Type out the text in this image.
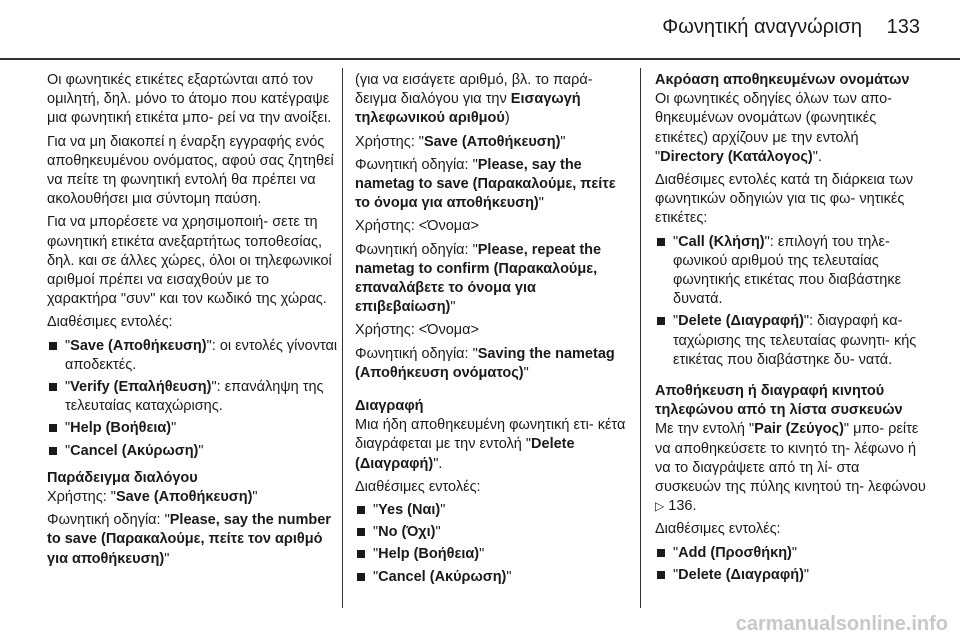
Φωνητική αναγνώριση 133

Οι φωνητικές ετικέτες εξαρτώνται από τον ομιλητή, δηλ. μόνο το άτομο που κατέγραψε μια φωνητική ετικέτα μπο- ρεί να την ανοίξει.

Για να μη διακοπεί η έναρξη εγγραφής ενός αποθηκευμένου ονόματος, αφού σας ζητηθεί να πείτε τη φωνητική εντολή θα πρέπει να ακολουθήσει μια σύντομη παύση.

Για να μπορέσετε να χρησιμοποιή- σετε τη φωνητική ετικέτα ανεξαρτήτως τοποθεσίας, δηλ. και σε άλλες χώρες, όλοι οι τηλεφωνικοί αριθμοί πρέπει να εισαχθούν με το χαρακτήρα "συν" και τον κωδικό της χώρας.

Διαθέσιμες εντολές:

"Save (Αποθήκευση)": οι εντολές γίνονται αποδεκτές.
"Verify (Επαλήθευση)": επανάληψη της τελευταίας καταχώρισης.
"Help (Βοήθεια)"
"Cancel (Ακύρωση)"
Παράδειγμα διαλόγου

Χρήστης: "Save (Αποθήκευση)"

Φωνητική οδηγία: "Please, say the number to save (Παρακαλούμε, πείτε τον αριθμό για αποθήκευση)"

(για να εισάγετε αριθμό, βλ. το παρά- δειγμα διαλόγου για την Εισαγωγή τηλεφωνικού αριθμού)

Χρήστης: "Save (Αποθήκευση)"

Φωνητική οδηγία: "Please, say the nametag to save (Παρακαλούμε, πείτε το όνομα για αποθήκευση)"

Χρήστης: <Όνομα>

Φωνητική οδηγία: "Please, repeat the nametag to confirm (Παρακαλούμε, επαναλάβετε το όνομα για επιβεβαίωση)"

Χρήστης: <Όνομα>

Φωνητική οδηγία: "Saving the nametag (Αποθήκευση ονόματος)"

Διαγραφή

Μια ήδη αποθηκευμένη φωνητική ετι- κέτα διαγράφεται με την εντολή "Delete (Διαγραφή)".

Διαθέσιμες εντολές:

"Yes (Ναι)"
"No (Όχι)"
"Help (Βοήθεια)"
"Cancel (Ακύρωση)"
Ακρόαση αποθηκευμένων ονομάτων

Οι φωνητικές οδηγίες όλων των απο- θηκευμένων ονομάτων (φωνητικές ετικέτες) αρχίζουν με την εντολή "Directory (Κατάλογος)".

Διαθέσιμες εντολές κατά τη διάρκεια των φωνητικών οδηγιών για τις φω- νητικές ετικέτες:

"Call (Κλήση)": επιλογή του τηλε- φωνικού αριθμού της τελευταίας φωνητικής ετικέτας που διαβάστηκε δυνατά.
"Delete (Διαγραφή)": διαγραφή κα- ταχώρισης της τελευταίας φωνητι- κής ετικέτας που διαβάστηκε δυ- νατά.
Αποθήκευση ή διαγραφή κινητού τηλεφώνου από τη λίστα συσκευών

Με την εντολή "Pair (Ζεύγος)" μπο- ρείτε να αποθηκεύσετε το κινητό τη- λέφωνο ή να το διαγράψετε από τη λί- στα συσκευών της πύλης κινητού τη- λεφώνου ▷ 136.

Διαθέσιμες εντολές:

"Add (Προσθήκη)"
"Delete (Διαγραφή)"
carmanualsonline.info
